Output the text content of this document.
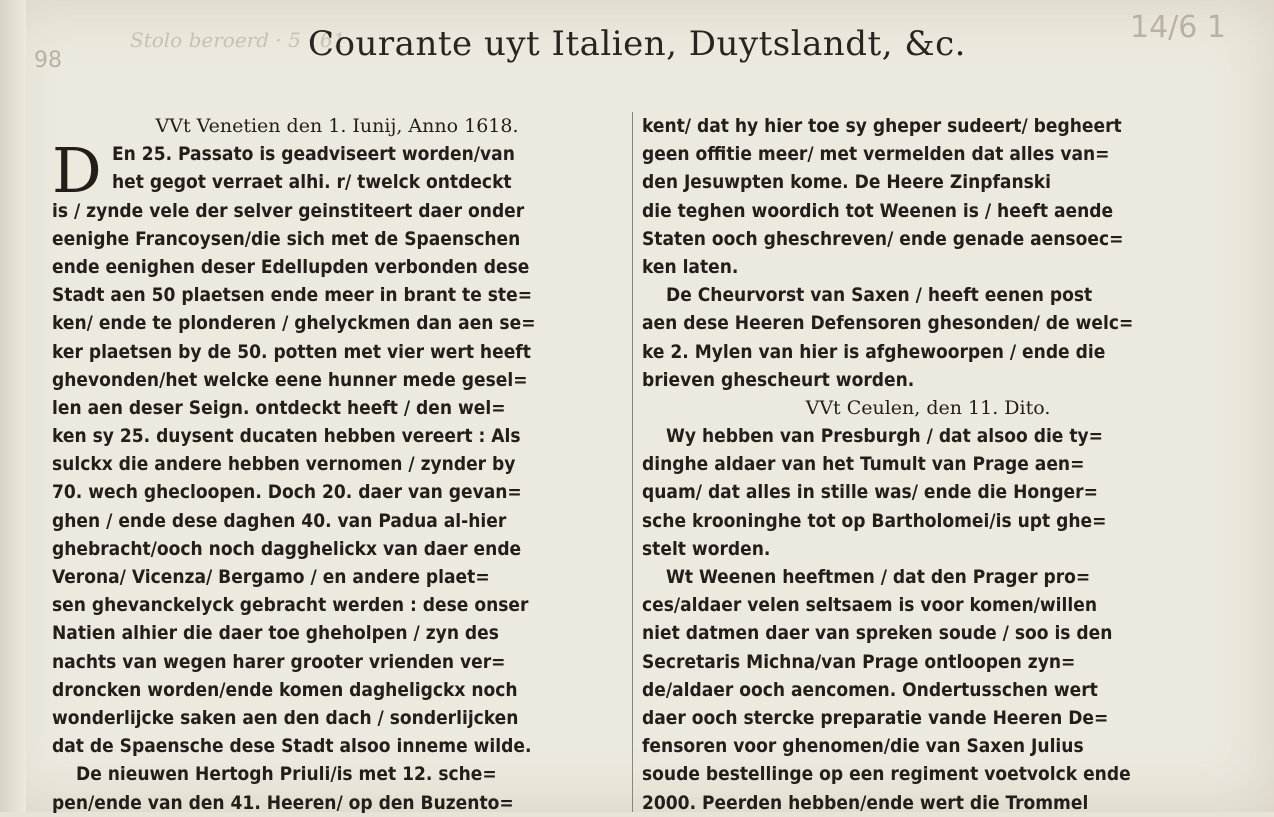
98
Stolo beroerd · 5 · 61	14/6 1
Courante uyt Italien, Duytslandt, &c.
D
VVt Venetien den 1. Iunij, Anno 1618.
En 25. Passato is geadviseert worden/van
het gegot verraet alhi. r/ twelck ontdeckt
is / zynde vele der selver geinstiteert daer onder
eenighe Francoysen/die sich met de Spaenschen
ende eenighen deser Edellupden verbonden dese
Stadt aen 50 plaetsen ende meer in brant te ste=
ken/ ende te plonderen / ghelyckmen dan aen se=
ker plaetsen by de 50. potten met vier wert heeft
ghevonden/het welcke eene hunner mede gesel=
len aen deser Seign. ontdeckt heeft / den wel=
ken sy 25. duysent ducaten hebben vereert : Als
sulckx die andere hebben vernomen / zynder by
70. wech ghecloopen. Doch 20. daer van gevan=
ghen / ende dese daghen 40. van Padua al-hier
ghebracht/ooch noch dagghelickx van daer ende
Verona/ Vicenza/ Bergamo / en andere plaet=
sen ghevanckelyck gebracht werden : dese onser
Natien alhier die daer toe gheholpen / zyn des
nachts van wegen harer grooter vrienden ver=
droncken worden/ende komen dagheligckx noch
wonderlijcke saken aen den dach / sonderlijcken
dat de Spaensche dese Stadt alsoo inneme wilde.
De nieuwen Hertogh Priuli/is met 12. sche=
pen/ende van den 41. Heeren/ op den Buzento=
kent/ dat hy hier toe sy gheper sudeert/ begheert
geen offitie meer/ met vermelden dat alles van=
den Jesuwpten kome. De Heere Zinpfanski
die teghen woordich tot Weenen is / heeft aende
Staten ooch gheschreven/ ende genade aensoec=
ken laten.
De Cheurvorst van Saxen / heeft eenen post
aen dese Heeren Defensoren ghesonden/ de welc=
ke 2. Mylen van hier is afghewoorpen / ende die
brieven ghescheurt worden.
VVt Ceulen, den 11. Dito.
Wy hebben van Presburgh / dat alsoo die ty=
dinghe aldaer van het Tumult van Prage aen=
quam/ dat alles in stille was/ ende die Honger=
sche krooninghe tot op Bartholomei/is upt ghe=
stelt worden.
Wt Weenen heeftmen / dat den Prager pro=
ces/aldaer velen seltsaem is voor komen/willen
niet datmen daer van spreken soude / soo is den
Secretaris Michna/van Prage ontloopen zyn=
de/aldaer ooch aencomen. Ondertusschen wert
daer ooch stercke preparatie vande Heeren De=
fensoren voor ghenomen/die van Saxen Julius
soude bestellinge op een regiment voetvolck ende
2000. Peerden hebben/ende wert die Trommel
